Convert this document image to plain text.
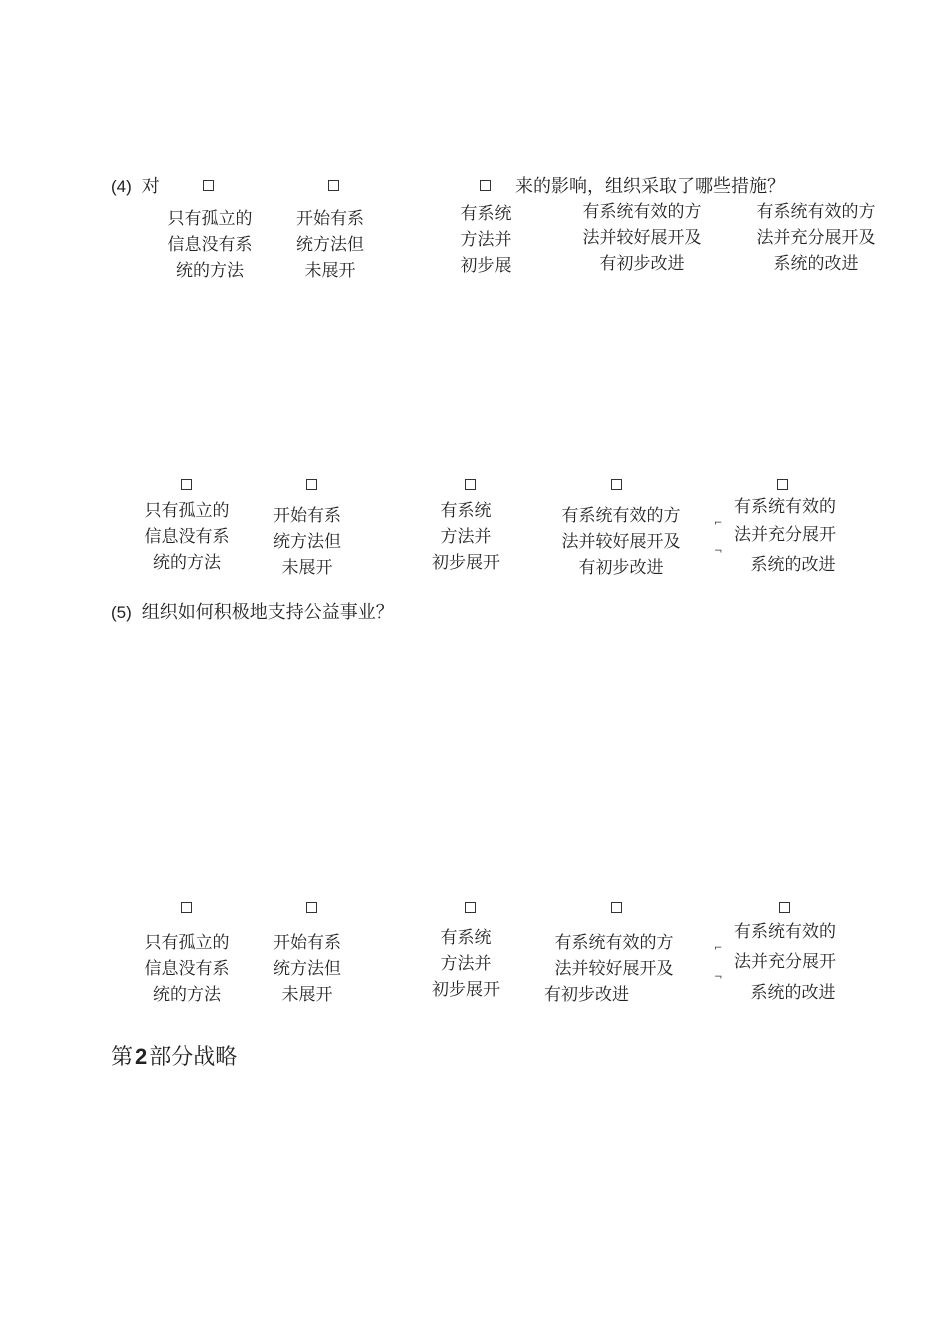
(4) 对	来的影响，组织采取了哪些措施？
只有孤立的
信息没有系
统的方法
开始有系
统方法但
未展开
有系统
方法并
初步展
有系统有效的方
法并较好展开及
有初步改进
有系统有效的方
法并充分展开及
系统的改进
只有孤立的
信息没有系
统的方法
开始有系
统方法但
未展开
有系统
方法并
初步展开
有系统有效的方
法并较好展开及
有初步改进
⌐
¬
有系统有效的
法并充分展开
系统的改进
(5) 组织如何积极地支持公益事业？
只有孤立的
信息没有系
统的方法
开始有系
统方法但
未展开
有系统
方法并
初步展开
有系统有效的方
法并较好展开及
有初步改进
⌐
¬
有系统有效的
法并充分展开
系统的改进
第2部分战略
